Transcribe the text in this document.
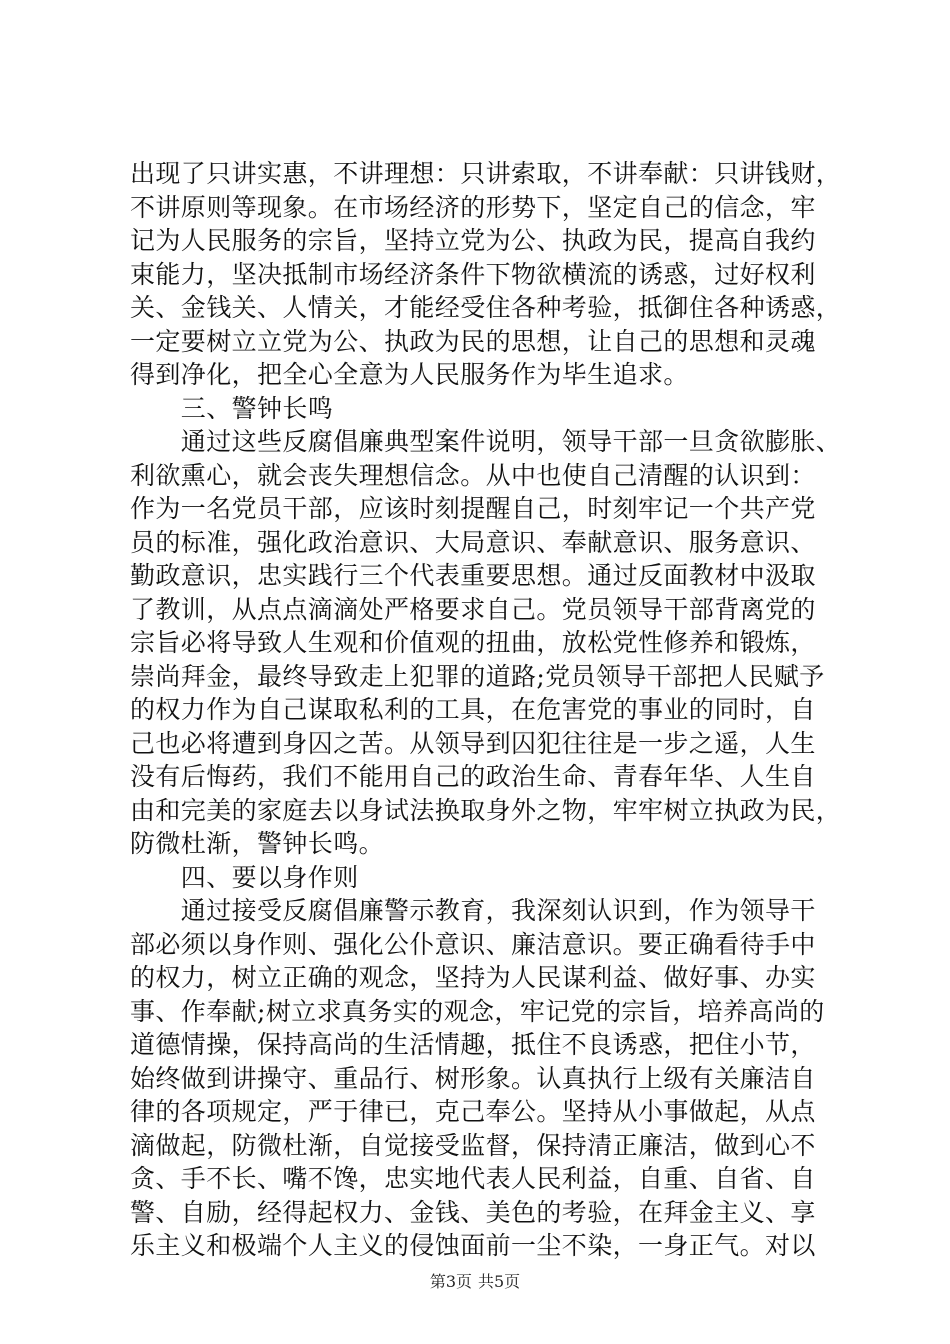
出现了只讲实惠，不讲理想：只讲索取，不讲奉献：只讲钱财，
不讲原则等现象。在市场经济的形势下，坚定自己的信念，牢
记为人民服务的宗旨，坚持立党为公、执政为民，提高自我约
束能力，坚决抵制市场经济条件下物欲横流的诱惑，过好权利
关、金钱关、人情关，才能经受住各种考验，抵御住各种诱惑，
一定要树立立党为公、执政为民的思想，让自己的思想和灵魂
得到净化，把全心全意为人民服务作为毕生追求。
　　三、警钟长鸣
　　通过这些反腐倡廉典型案件说明，领导干部一旦贪欲膨胀、
利欲熏心，就会丧失理想信念。从中也使自己清醒的认识到：
作为一名党员干部，应该时刻提醒自己，时刻牢记一个共产党
员的标准，强化政治意识、大局意识、奉献意识、服务意识、
勤政意识，忠实践行三个代表重要思想。通过反面教材中汲取
了教训，从点点滴滴处严格要求自己。党员领导干部背离党的
宗旨必将导致人生观和价值观的扭曲，放松党性修养和锻炼，
崇尚拜金，最终导致走上犯罪的道路;党员领导干部把人民赋予
的权力作为自己谋取私利的工具，在危害党的事业的同时，自
己也必将遭到身囚之苦。从领导到囚犯往往是一步之遥，人生
没有后悔药，我们不能用自己的政治生命、青春年华、人生自
由和完美的家庭去以身试法换取身外之物，牢牢树立执政为民，
防微杜渐，警钟长鸣。
　　四、要以身作则
　　通过接受反腐倡廉警示教育，我深刻认识到，作为领导干
部必须以身作则、强化公仆意识、廉洁意识。要正确看待手中
的权力，树立正确的观念，坚持为人民谋利益、做好事、办实
事、作奉献;树立求真务实的观念，牢记党的宗旨，培养高尚的
道德情操，保持高尚的生活情趣，抵住不良诱惑，把住小节，
始终做到讲操守、重品行、树形象。认真执行上级有关廉洁自
律的各项规定，严于律已，克己奉公。坚持从小事做起，从点
滴做起，防微杜渐，自觉接受监督，保持清正廉洁，做到心不
贪、手不长、嘴不馋，忠实地代表人民利益，自重、自省、自
警、自励，经得起权力、金钱、美色的考验，在拜金主义、享
乐主义和极端个人主义的侵蚀面前一尘不染，一身正气。对以
第3页 共5页
